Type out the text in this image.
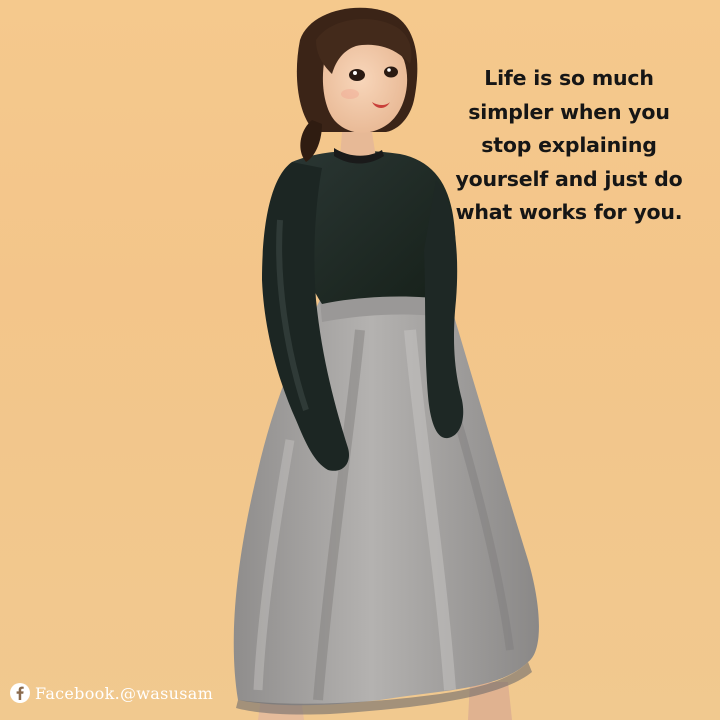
Life is so much
simpler when you
stop explaining
yourself and just do
what works for you.
Facebook.@wasusam
